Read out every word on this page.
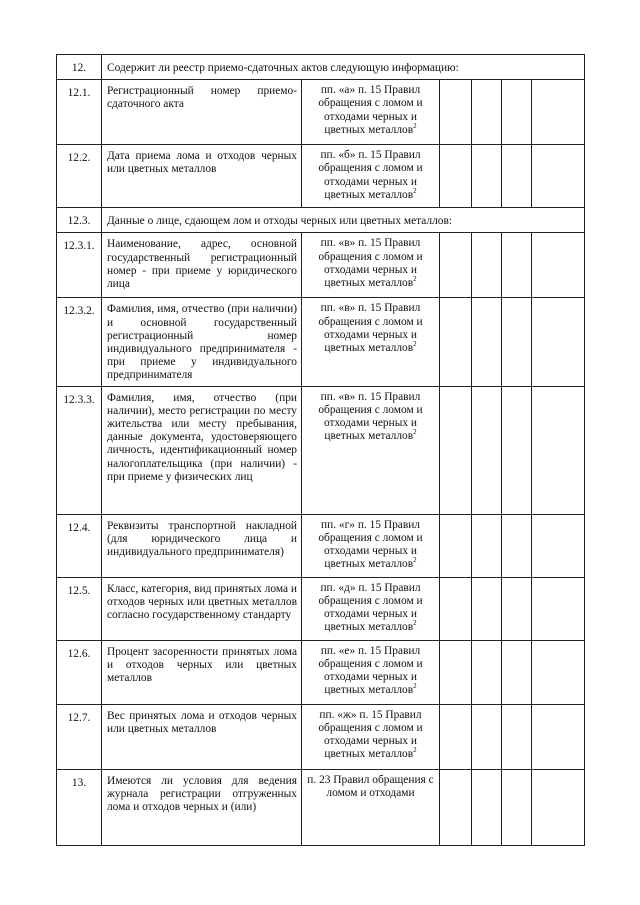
12.	Содержит ли реестр приемо-сдаточных актов следующую информацию:					
12.1.	Регистрационный номер приемо-сдаточного акта	пп. «а» п. 15 Правил обращения с ломом и отходами черных и цветных металлов$^2$				
12.2.	Дата приема лома и отходов черных или цветных металлов	пп. «б» п. 15 Правил обращения с ломом и отходами черных и цветных металлов$^2$				
12.3.	Данные о лице, сдающем лом и отходы черных или цветных металлов:					
12.3.1.	Наименование, адрес, основной государственный регистрационный номер - при приеме у юридического лица	пп. «в» п. 15 Правил обращения с ломом и отходами черных и цветных металлов$^2$				
12.3.2.	Фамилия, имя, отчество (при наличии) и основной государственный регистрационный номер индивидуального предпринимателя - при приеме у индивидуального предпринимателя	пп. «в» п. 15 Правил обращения с ломом и отходами черных и цветных металлов$^2$				
12.3.3.	Фамилия, имя, отчество (при наличии), место регистрации по месту жительства или месту пребывания, данные документа, удостоверяющего личность, идентификационный номер налогоплательщика (при наличии) - при приеме у физических лиц	пп. «в» п. 15 Правил обращения с ломом и отходами черных и цветных металлов$^2$				
12.4.	Реквизиты транспортной накладной (для юридического лица и индивидуального предпринимателя)	пп. «г» п. 15 Правил обращения с ломом и отходами черных и цветных металлов$^2$				
12.5.	Класс, категория, вид принятых лома и отходов черных или цветных металлов согласно государственному стандарту	пп. «д» п. 15 Правил обращения с ломом и отходами черных и цветных металлов$^2$				
12.6.	Процент засоренности принятых лома и отходов черных или цветных металлов	пп. «е» п. 15 Правил обращения с ломом и отходами черных и цветных металлов$^2$				
12.7.	Вес принятых лома и отходов черных или цветных металлов	пп. «ж» п. 15 Правил обращения с ломом и отходами черных и цветных металлов$^2$				
13.	Имеются ли условия для ведения журнала регистрации отгруженных лома и отходов черных и (или)	п. 23 Правил обращения с ломом и отходами				
